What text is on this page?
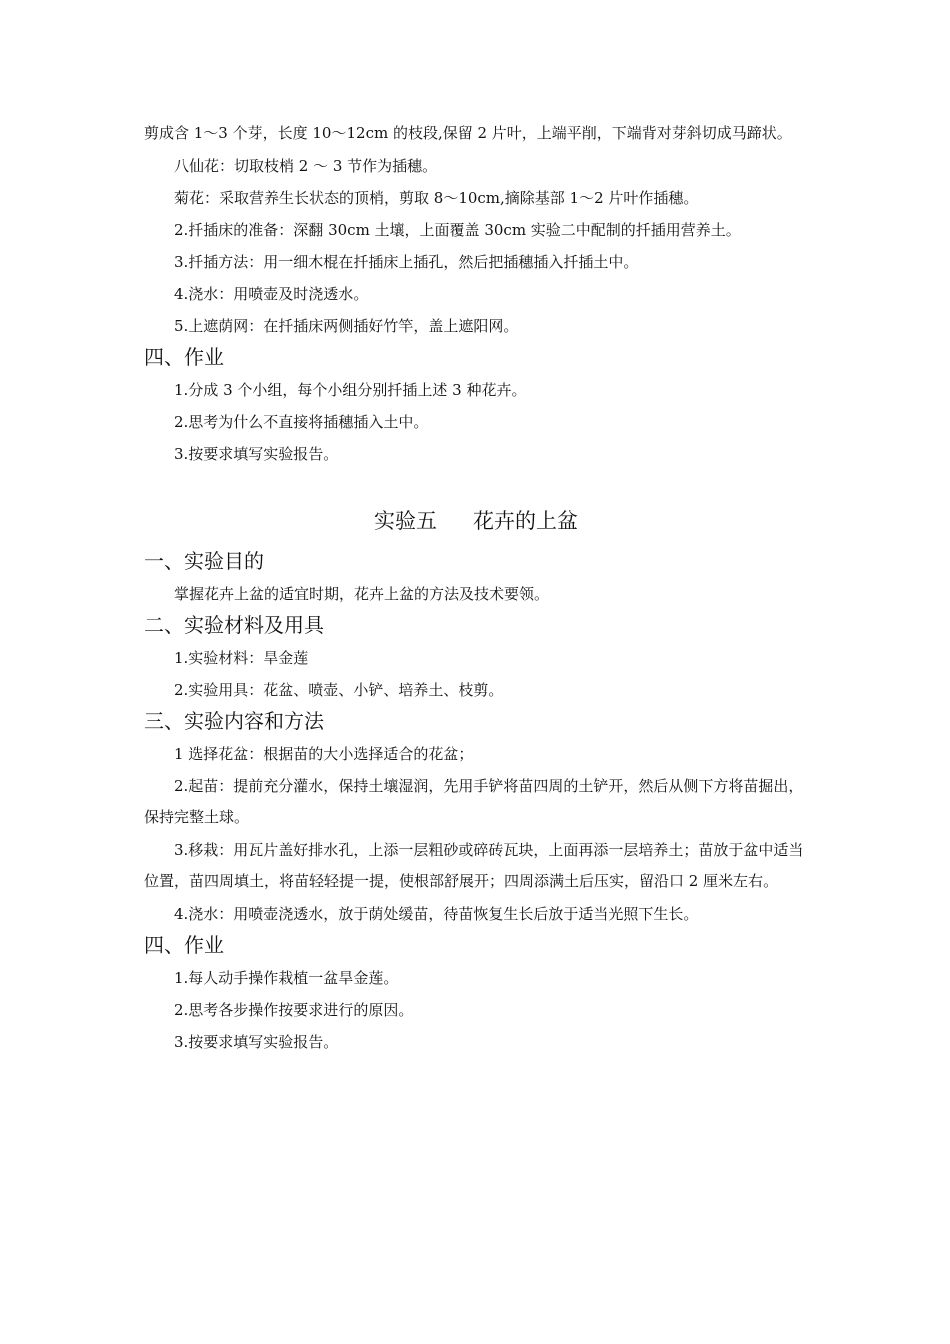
剪成含 1～3 个芽，长度 10～12cm 的枝段,保留 2 片叶，上端平削，下端背对芽斜切成马蹄状。

八仙花：切取枝梢 2 ～ 3 节作为插穗。

菊花：采取营养生长状态的顶梢，剪取 8～10cm,摘除基部 1～2 片叶作插穗。

2.扦插床的准备：深翻 30cm 土壤，上面覆盖 30cm 实验二中配制的扦插用营养土。

3.扦插方法：用一细木棍在扦插床上插孔，然后把插穗插入扦插土中。

4.浇水：用喷壶及时浇透水。

5.上遮荫网：在扦插床两侧插好竹竿，盖上遮阳网。

四、作业

1.分成 3 个小组，每个小组分别扦插上述 3 种花卉。

2.思考为什么不直接将插穗插入土中。

3.按要求填写实验报告。

实验五 花卉的上盆
一、实验目的

掌握花卉上盆的适宜时期，花卉上盆的方法及技术要领。

二、实验材料及用具

1.实验材料：旱金莲

2.实验用具：花盆、喷壶、小铲、培养土、枝剪。

三、实验内容和方法

1 选择花盆：根据苗的大小选择适合的花盆；

2.起苗：提前充分灌水，保持土壤湿润，先用手铲将苗四周的土铲开，然后从侧下方将苗掘出，保持完整土球。

3.移栽：用瓦片盖好排水孔，上添一层粗砂或碎砖瓦块，上面再添一层培养土；苗放于盆中适当位置，苗四周填土，将苗轻轻提一提，使根部舒展开；四周添满土后压实，留沿口 2 厘米左右。

4.浇水：用喷壶浇透水，放于荫处缓苗，待苗恢复生长后放于适当光照下生长。

四、作业

1.每人动手操作栽植一盆旱金莲。

2.思考各步操作按要求进行的原因。

3.按要求填写实验报告。
